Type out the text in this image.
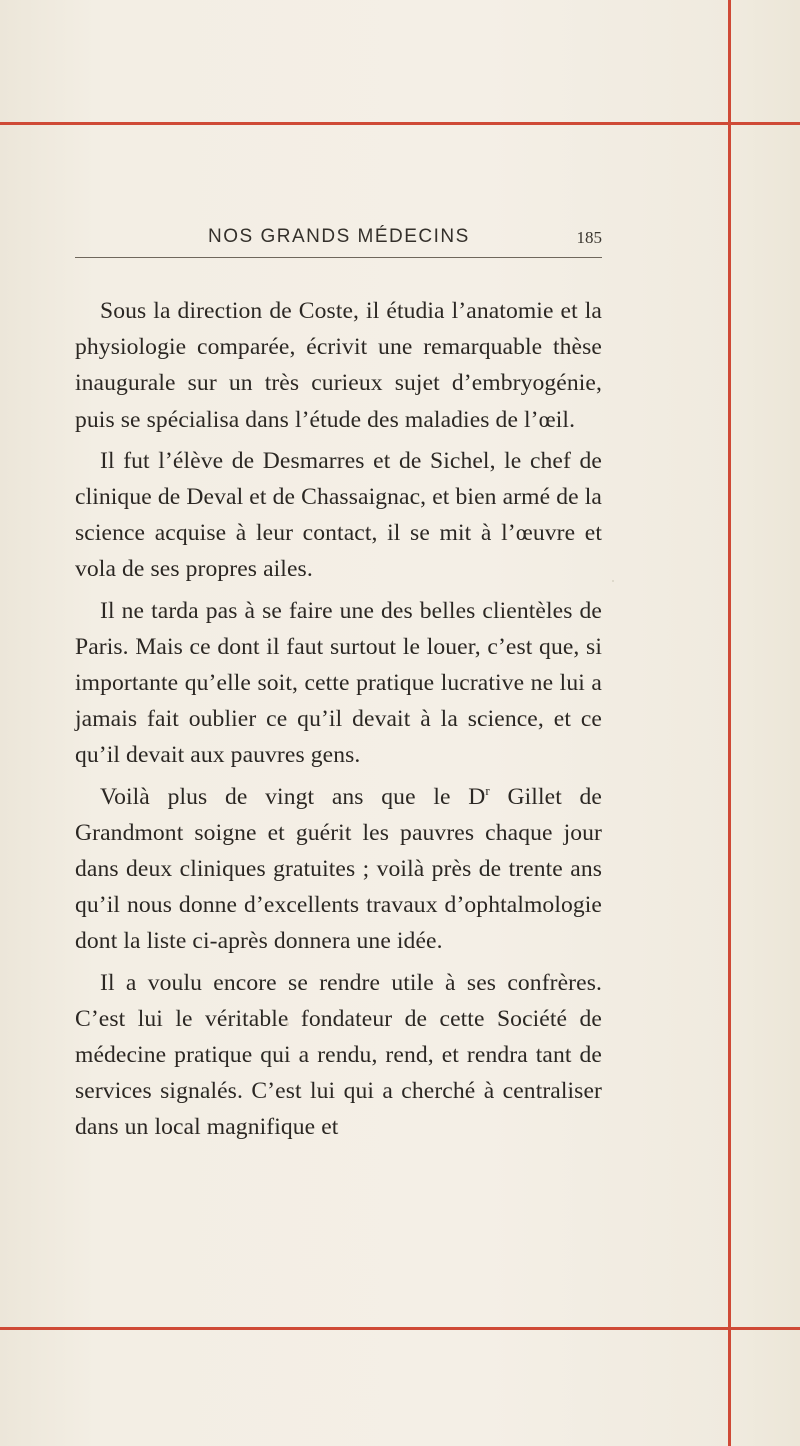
NOS GRANDS MÉDECINS	185

Sous la direction de Coste, il étudia l’anatomie et la physiologie comparée, écrivit une remarquable thèse inaugurale sur un très curieux sujet d’embryogénie, puis se spécialisa dans l’étude des maladies de l’œil.

Il fut l’élève de Desmarres et de Sichel, le chef de clinique de Deval et de Chassaignac, et bien armé de la science acquise à leur contact, il se mit à l’œuvre et vola de ses propres ailes.

Il ne tarda pas à se faire une des belles clientèles de Paris. Mais ce dont il faut surtout le louer, c’est que, si importante qu’elle soit, cette pratique lucrative ne lui a jamais fait oublier ce qu’il devait à la science, et ce qu’il devait aux pauvres gens.

Voilà plus de vingt ans que le $D^r$ Gillet de Grandmont soigne et guérit les pauvres chaque jour dans deux cliniques gratuites ; voilà près de trente ans qu’il nous donne d’excellents travaux d’ophtalmologie dont la liste ci-après donnera une idée.

Il a voulu encore se rendre utile à ses confrères. C’est lui le véritable fondateur de cette Société de médecine pratique qui a rendu, rend, et rendra tant de services signalés. C’est lui qui a cherché à centraliser dans un local magnifique et
